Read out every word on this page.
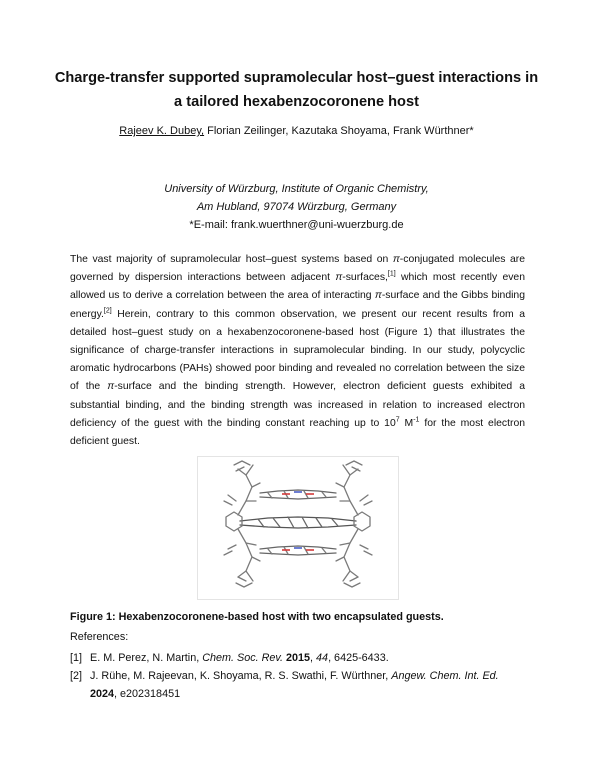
Charge-transfer supported supramolecular host–guest interactions in
a tailored hexabenzocoronene host
Rajeev K. Dubey, Florian Zeilinger, Kazutaka Shoyama, Frank Würthner*
University of Würzburg, Institute of Organic Chemistry,
Am Hubland, 97074 Würzburg, Germany
*E-mail: frank.wuerthner@uni-wuerzburg.de
The vast majority of supramolecular host–guest systems based on π-conjugated molecules are governed by dispersion interactions between adjacent π-surfaces,[1] which most recently even allowed us to derive a correlation between the area of interacting π-surface and the Gibbs binding energy.[2] Herein, contrary to this common observation, we present our recent results from a detailed host–guest study on a hexabenzocoronene-based host (Figure 1) that illustrates the significance of charge-transfer interactions in supramolecular binding. In our study, polycyclic aromatic hydrocarbons (PAHs) showed poor binding and revealed no correlation between the size of the π-surface and the binding strength. However, electron deficient guests exhibited a substantial binding, and the binding strength was increased in relation to increased electron deficiency of the guest with the binding constant reaching up to $10^7$ $M^{-1}$ for the most electron deficient guest.
Figure 1: Hexabenzocoronene-based host with two encapsulated guests.
References:
[1] E. M. Perez, N. Martin, Chem. Soc. Rev. 2015, 44, 6425-6433.
[2] J. Rühe, M. Rajeevan, K. Shoyama, R. S. Swathi, F. Würthner, Angew. Chem. Int. Ed.
2024, e202318451
